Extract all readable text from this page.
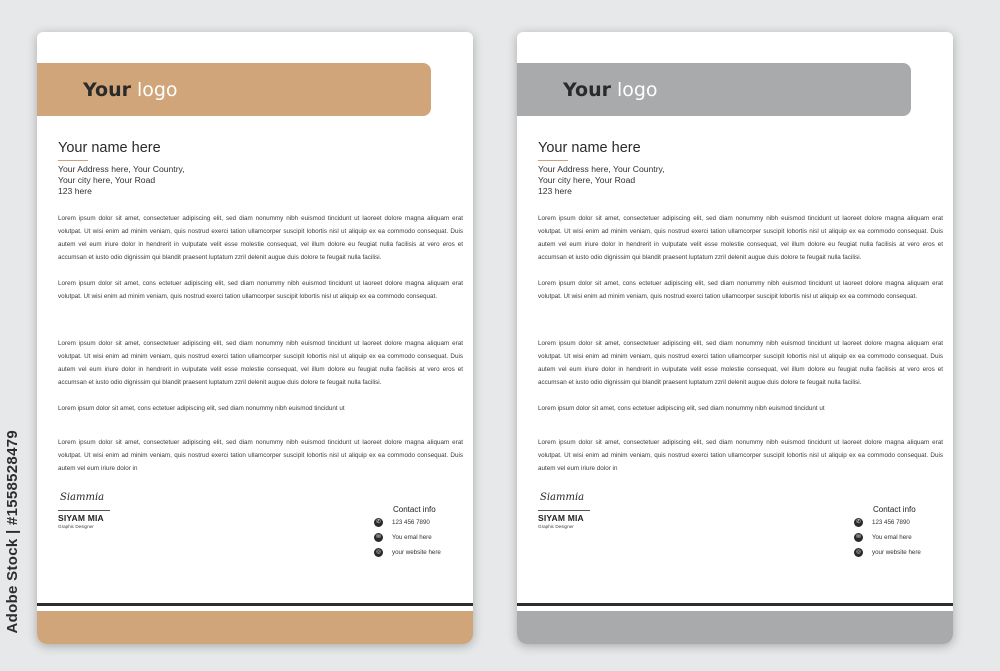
Adobe Stock | #1558528479
Your logo
Your name here
Your Address here, Your Country,
Your city here, Your Road
123 here
Lorem ipsum dolor sit amet, consectetuer adipiscing elit, sed diam nonummy nibh euismod tincidunt ut laoreet dolore magna aliquam erat volutpat. Ut wisi enim ad minim veniam, quis nostrud exerci tation ullamcorper suscipit lobortis nisl ut aliquip ex ea commodo consequat. Duis autem vel eum iriure dolor in hendrerit in vulputate velit esse molestie consequat, vel illum dolore eu feugiat nulla facilisis at vero eros et accumsan et iusto odio dignissim qui blandit praesent luptatum zzril delenit augue duis dolore te feugait nulla facilisi.
Lorem ipsum dolor sit amet, cons ectetuer adipiscing elit, sed diam nonummy nibh euismod tincidunt ut laoreet dolore magna aliquam erat volutpat. Ut wisi enim ad minim veniam, quis nostrud exerci tation ullamcorper suscipit lobortis nisl ut aliquip ex ea commodo consequat.
Lorem ipsum dolor sit amet, consectetuer adipiscing elit, sed diam nonummy nibh euismod tincidunt ut laoreet dolore magna aliquam erat volutpat. Ut wisi enim ad minim veniam, quis nostrud exerci tation ullamcorper suscipit lobortis nisl ut aliquip ex ea commodo consequat. Duis autem vel eum iriure dolor in hendrerit in vulputate velit esse molestie consequat, vel illum dolore eu feugiat nulla facilisis at vero eros et accumsan et iusto odio dignissim qui blandit praesent luptatum zzril delenit augue duis dolore te feugait nulla facilisi.
Lorem ipsum dolor sit amet, cons ectetuer adipiscing elit, sed diam nonummy nibh euismod tincidunt ut
Lorem ipsum dolor sit amet, consectetuer adipiscing elit, sed diam nonummy nibh euismod tincidunt ut laoreet dolore magna aliquam erat volutpat. Ut wisi enim ad minim veniam, quis nostrud exerci tation ullamcorper suscipit lobortis nisl ut aliquip ex ea commodo consequat. Duis autem vel eum iriure dolor in
Siammia
SIYAM MIA
Graphic Designer
Contact info
✆	123 456 7890
✉	You emal here
◎	your website here
Your logo
Your name here
Your Address here, Your Country,
Your city here, Your Road
123 here
Lorem ipsum dolor sit amet, consectetuer adipiscing elit, sed diam nonummy nibh euismod tincidunt ut laoreet dolore magna aliquam erat volutpat. Ut wisi enim ad minim veniam, quis nostrud exerci tation ullamcorper suscipit lobortis nisl ut aliquip ex ea commodo consequat. Duis autem vel eum iriure dolor in hendrerit in vulputate velit esse molestie consequat, vel illum dolore eu feugiat nulla facilisis at vero eros et accumsan et iusto odio dignissim qui blandit praesent luptatum zzril delenit augue duis dolore te feugait nulla facilisi.
Lorem ipsum dolor sit amet, cons ectetuer adipiscing elit, sed diam nonummy nibh euismod tincidunt ut laoreet dolore magna aliquam erat volutpat. Ut wisi enim ad minim veniam, quis nostrud exerci tation ullamcorper suscipit lobortis nisl ut aliquip ex ea commodo consequat.
Lorem ipsum dolor sit amet, consectetuer adipiscing elit, sed diam nonummy nibh euismod tincidunt ut laoreet dolore magna aliquam erat volutpat. Ut wisi enim ad minim veniam, quis nostrud exerci tation ullamcorper suscipit lobortis nisl ut aliquip ex ea commodo consequat. Duis autem vel eum iriure dolor in hendrerit in vulputate velit esse molestie consequat, vel illum dolore eu feugiat nulla facilisis at vero eros et accumsan et iusto odio dignissim qui blandit praesent luptatum zzril delenit augue duis dolore te feugait nulla facilisi.
Lorem ipsum dolor sit amet, cons ectetuer adipiscing elit, sed diam nonummy nibh euismod tincidunt ut
Lorem ipsum dolor sit amet, consectetuer adipiscing elit, sed diam nonummy nibh euismod tincidunt ut laoreet dolore magna aliquam erat volutpat. Ut wisi enim ad minim veniam, quis nostrud exerci tation ullamcorper suscipit lobortis nisl ut aliquip ex ea commodo consequat. Duis autem vel eum iriure dolor in
Siammia
SIYAM MIA
Graphic Designer
Contact info
✆	123 456 7890
✉	You emal here
◎	your website here
